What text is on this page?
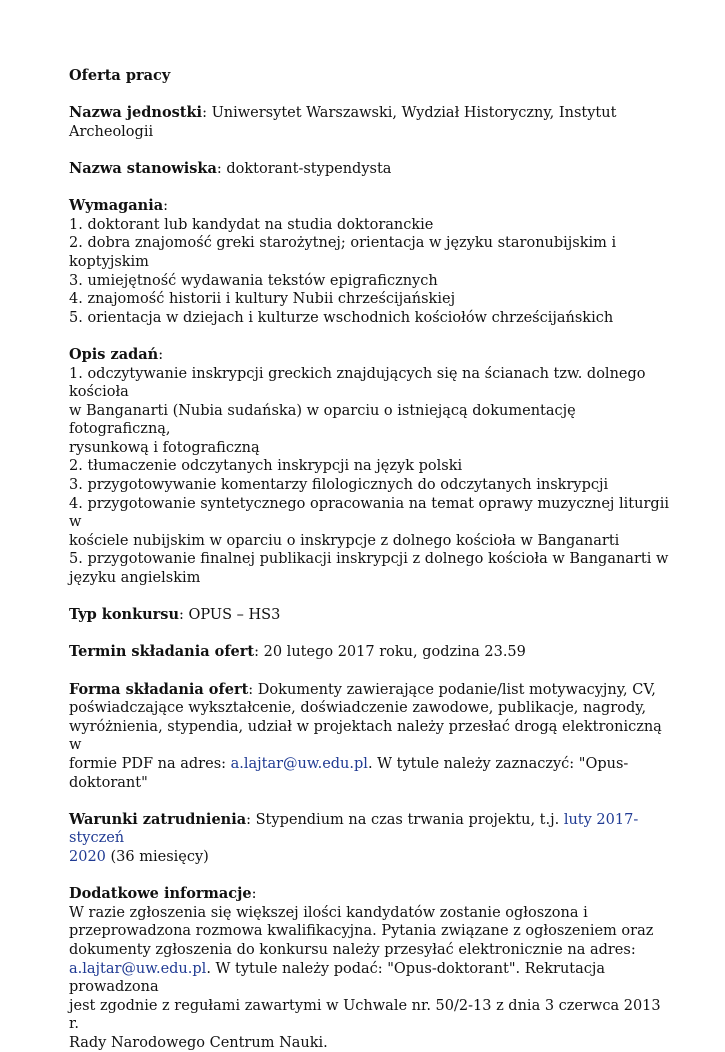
Oferta pracy
Nazwa jednostki: Uniwersytet Warszawski, Wydział Historyczny, Instytut Archeologii
Nazwa stanowiska: doktorant-stypendysta
Wymagania:
1. doktorant lub kandydat na studia doktoranckie
2. dobra znajomość greki starożytnej; orientacja w języku staronubijskim i koptyjskim
3. umiejętność wydawania tekstów epigraficznych
4. znajomość historii i kultury Nubii chrześcijańskiej
5. orientacja w dziejach i kulturze wschodnich kościołów chrześcijańskich
Opis zadań:
1. odczytywanie inskrypcji greckich znajdujących się na ścianach tzw. dolnego kościoła
w Banganarti (Nubia sudańska) w oparciu o istniejącą dokumentację fotograficzną,
rysunkową i fotograficzną
2. tłumaczenie odczytanych inskrypcji na język polski
3. przygotowywanie komentarzy filologicznych do odczytanych inskrypcji
4. przygotowanie syntetycznego opracowania na temat oprawy muzycznej liturgii w
kościele nubijskim w oparciu o inskrypcje z dolnego kościoła w Banganarti
5. przygotowanie finalnej publikacji inskrypcji z dolnego kościoła w Banganarti w
języku angielskim
Typ konkursu: OPUS – HS3
Termin składania ofert: 20 lutego 2017 roku, godzina 23.59
Forma składania ofert: Dokumenty zawierające podanie/list motywacyjny, CV,
poświadczające wykształcenie, doświadczenie zawodowe, publikacje, nagrody,
wyróżnienia, stypendia, udział w projektach należy przesłać drogą elektroniczną w
formie PDF na adres: a.lajtar@uw.edu.pl. W tytule należy zaznaczyć: "Opus-doktorant"
Warunki zatrudnienia: Stypendium na czas trwania projektu, t.j. luty 2017-styczeń
2020 (36 miesięcy)
Dodatkowe informacje:
W razie zgłoszenia się większej ilości kandydatów zostanie ogłoszona i
przeprowadzona rozmowa kwalifikacyjna. Pytania związane z ogłoszeniem oraz
dokumenty zgłoszenia do konkursu należy przesyłać elektronicznie na adres:
a.lajtar@uw.edu.pl. W tytule należy podać: "Opus-doktorant". Rekrutacja prowadzona
jest zgodnie z regułami zawartymi w Uchwale nr. 50/2-13 z dnia 3 czerwca 2013 r.
Rady Narodowego Centrum Nauki.
